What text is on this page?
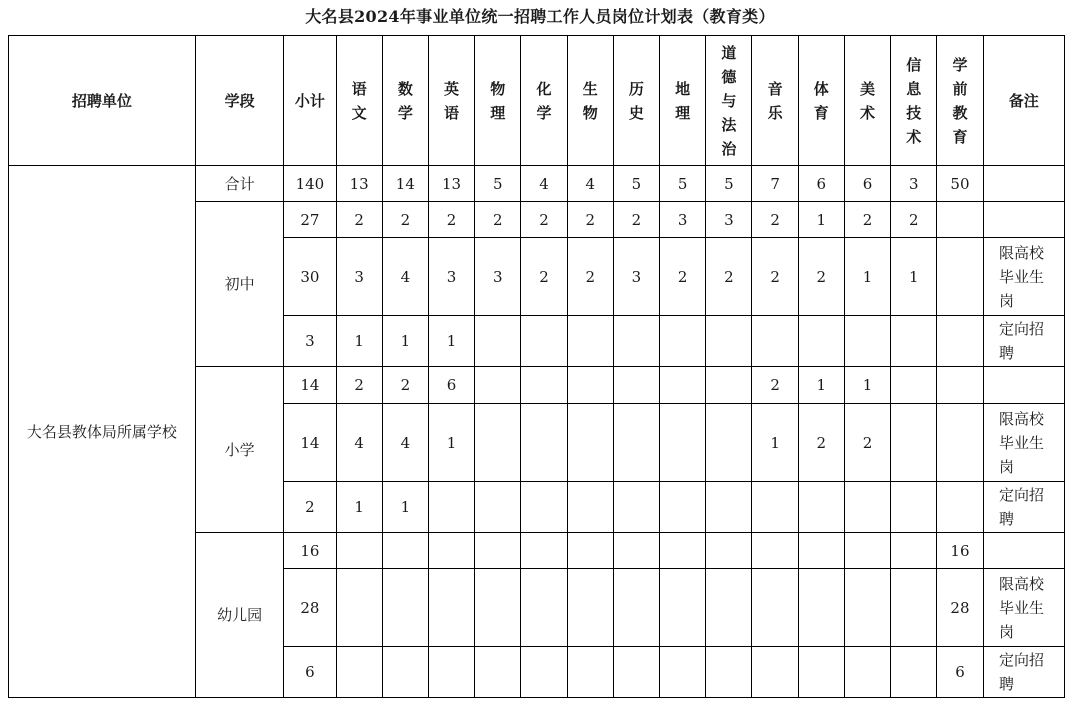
大名县2024年事业单位统一招聘工作人员岗位计划表（教育类）
招聘单位	学段	小计	语文	数学	英语	物理	化学	生物	历史	地理	道德与法治	音乐	体育	美术	信息技术	学前教育	备注
大名县教体局所属学校	合计	140	13	14	13	5	4	4	5	5	5	7	6	6	3	50	
	初中	27	2	2	2	2	2	2	2	3	3	2	1	2	2		
		30	3	4	3	3	2	2	3	2	2	2	2	1	1		限高校毕业生岗
		3	1	1	1												定向招聘
	小学	14	2	2	6							2	1	1			
		14	4	4	1							1	2	2			限高校毕业生岗
		2	1	1													定向招聘
	幼儿园	16														16	
		28														28	限高校毕业生岗
		6														6	定向招聘
